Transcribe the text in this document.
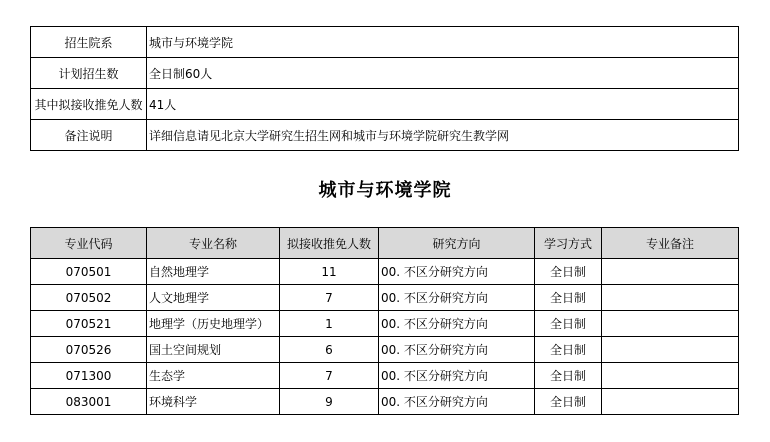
招生院系	城市与环境学院
计划招生数	全日制60人
其中拟接收推免人数	41人
备注说明	详细信息请见北京大学研究生招生网和城市与环境学院研究生教学网
城市与环境学院
专业代码	专业名称	拟接收推免人数	研究方向	学习方式	专业备注
070501	自然地理学	11	00. 不区分研究方向	全日制	
070502	人文地理学	7	00. 不区分研究方向	全日制	
070521	地理学（历史地理学）	1	00. 不区分研究方向	全日制	
070526	国土空间规划	6	00. 不区分研究方向	全日制	
071300	生态学	7	00. 不区分研究方向	全日制	
083001	环境科学	9	00. 不区分研究方向	全日制	
